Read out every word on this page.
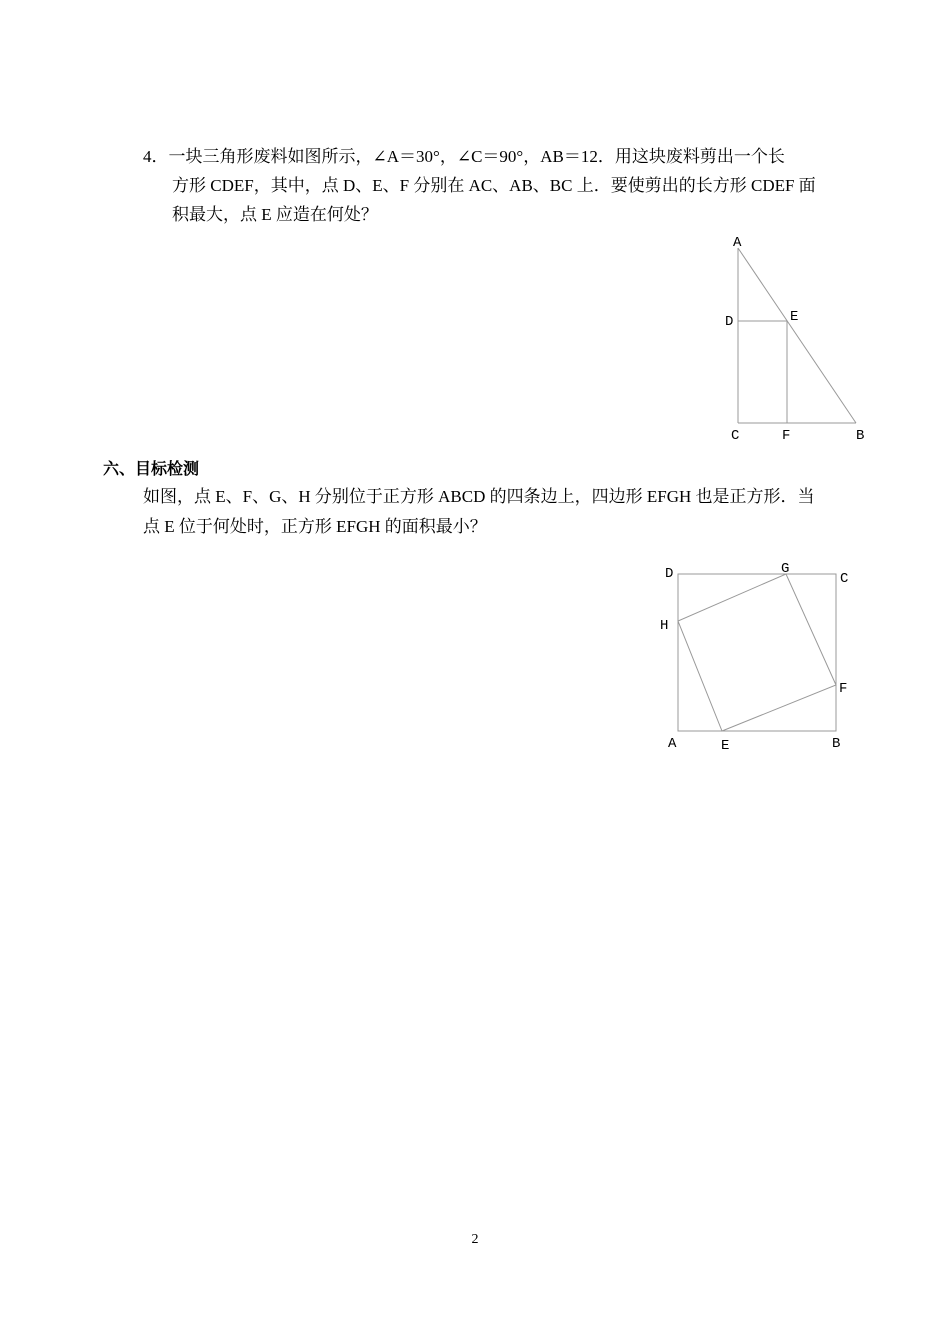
4．一块三角形废料如图所示，∠A＝30°，∠C＝90°，AB＝12．用这块废料剪出一个长
方形 CDEF，其中，点 D、E、F 分别在 AC、AB、BC 上．要使剪出的长方形 CDEF 面
积最大，点 E 应造在何处？
A
D	E
C	F	B
六、目标检测
如图，点 E、F、G、H 分别位于正方形 ABCD 的四条边上，四边形 EFGH 也是正方形．当
点 E 位于何处时，正方形 EFGH 的面积最小？
D	G
C
H
F
A	E	B
2
